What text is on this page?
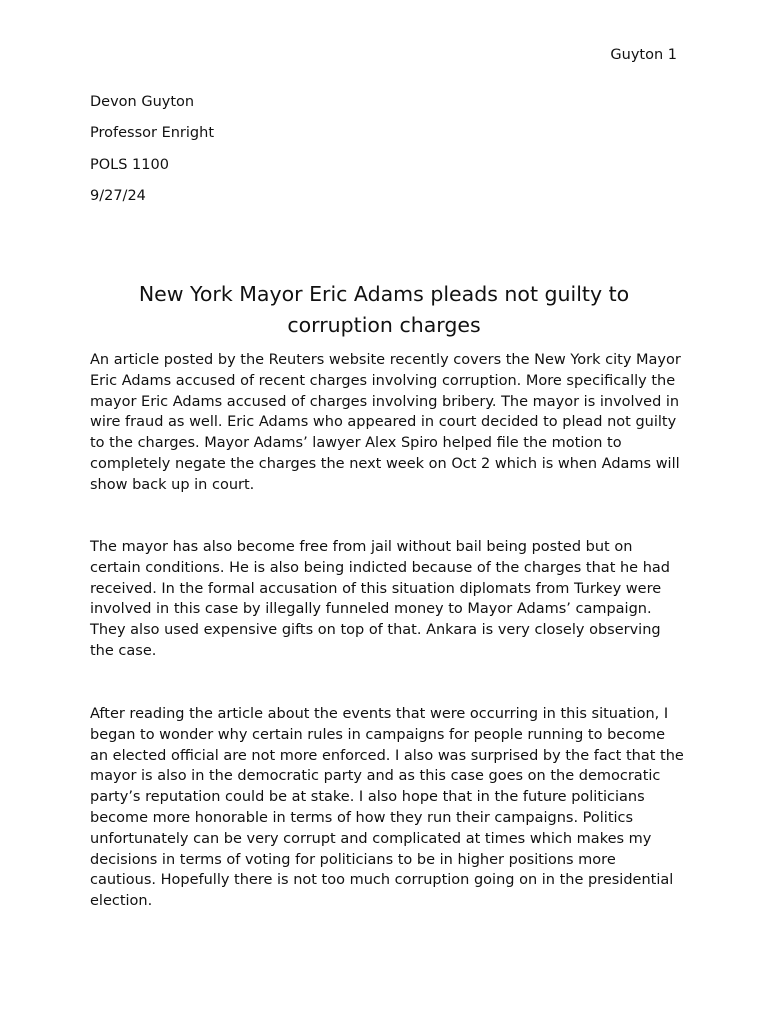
Guyton 1
Devon Guyton
Professor Enright
POLS 1100
9/27/24
New York Mayor Eric Adams pleads not guilty to corruption charges

An article posted by the Reuters website recently covers the New York city Mayor Eric Adams accused of recent charges involving corruption. More specifically the mayor Eric Adams accused of charges involving bribery. The mayor is involved in wire fraud as well. Eric Adams who appeared in court decided to plead not guilty to the charges. Mayor Adams’ lawyer Alex Spiro helped file the motion to completely negate the charges the next week on Oct 2 which is when Adams will show back up in court.

The mayor has also become free from jail without bail being posted but on certain conditions. He is also being indicted because of the charges that he had received. In the formal accusation of this situation diplomats from Turkey were involved in this case by illegally funneled money to Mayor Adams’ campaign. They also used expensive gifts on top of that. Ankara is very closely observing the case.

After reading the article about the events that were occurring in this situation, I began to wonder why certain rules in campaigns for people running to become an elected official are not more enforced. I also was surprised by the fact that the mayor is also in the democratic party and as this case goes on the democratic party’s reputation could be at stake. I also hope that in the future politicians become more honorable in terms of how they run their campaigns. Politics unfortunately can be very corrupt and complicated at times which makes my decisions in terms of voting for politicians to be in higher positions more cautious. Hopefully there is not too much corruption going on in the presidential election.
